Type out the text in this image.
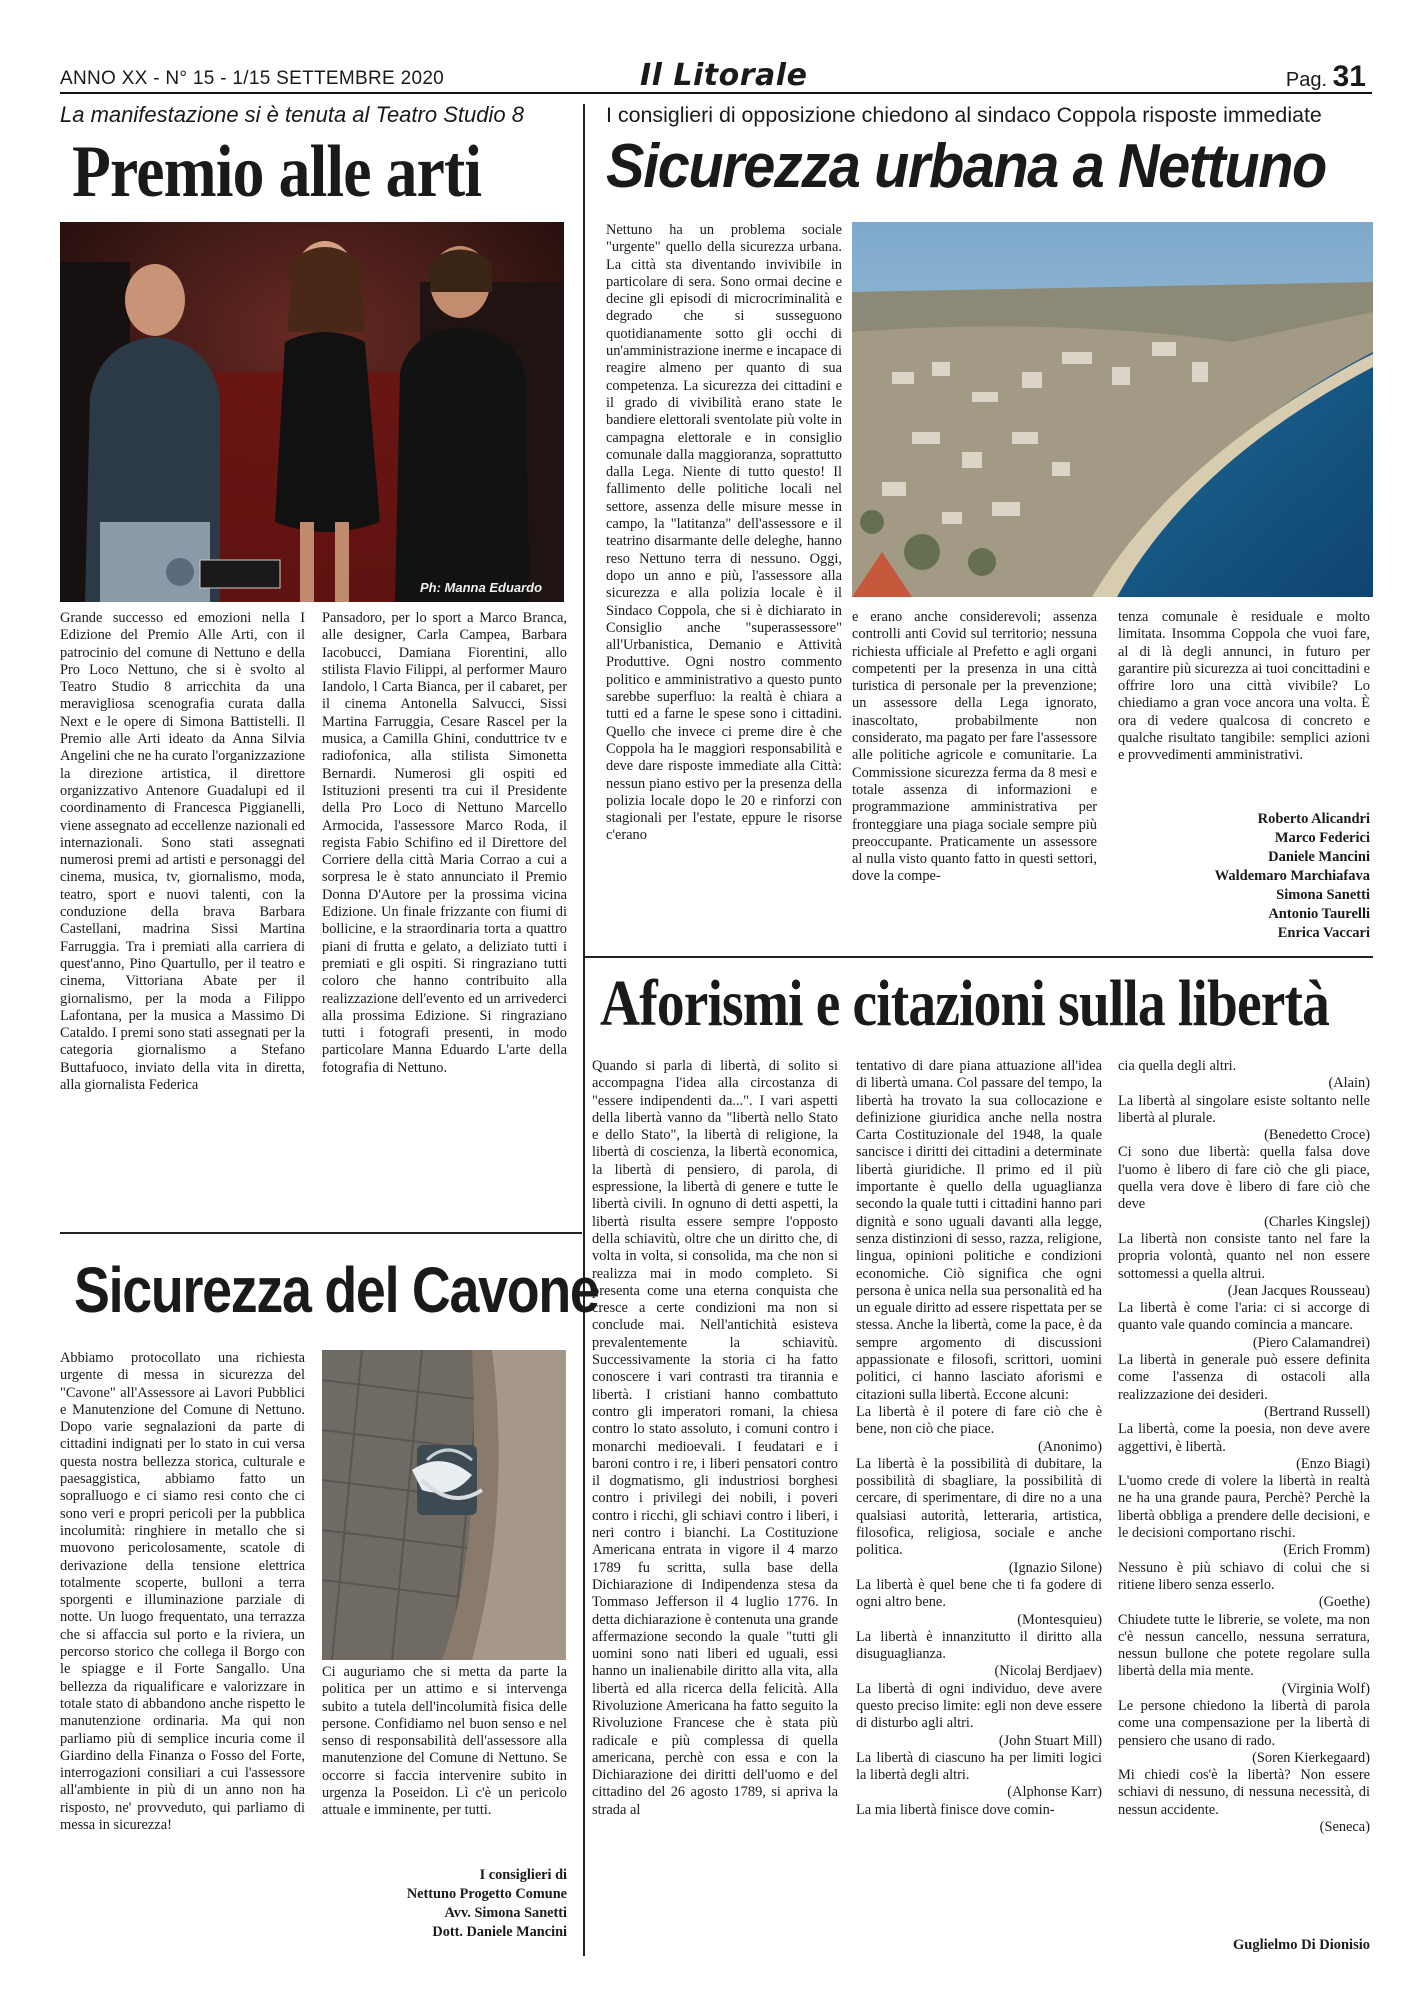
ANNO XX - N° 15 - 1/15 SETTEMBRE 2020	Il Litorale	Pag. 31
La manifestazione si è tenuta al Teatro Studio 8
Premio alle arti
Ph: Manna Eduardo

Grande successo ed emozioni nella I Edizione del Premio Alle Arti, con il patrocinio del comune di Nettuno e della Pro Loco Nettuno, che si è svolto al Teatro Studio 8 arricchita da una meravigliosa scenografia curata dalla Next e le opere di Simona Battistelli. Il Premio alle Arti ideato da Anna Silvia Angelini che ne ha curato l'organizzazione la direzione artistica, il direttore organizzativo Antenore Guadalupi ed il coordinamento di Francesca Piggianelli, viene assegnato ad eccellenze nazionali ed internazionali. Sono stati assegnati numerosi premi ad artisti e personaggi del cinema, musica, tv, giornalismo, moda, teatro, sport e nuovi talenti, con la conduzione della brava Barbara Castellani, madrina Sissi Martina Farruggia. Tra i premiati alla carriera di quest'anno, Pino Quartullo, per il teatro e cinema, Vittoriana Abate per il giornalismo, per la moda a Filippo Lafontana, per la musica a Massimo Di Cataldo. I premi sono stati assegnati per la categoria giornalismo a Stefano Buttafuoco, inviato della vita in diretta, alla giornalista Federica

Pansadoro, per lo sport a Marco Branca, alle designer, Carla Campea, Barbara Iacobucci, Damiana Fiorentini, allo stilista Flavio Filippi, al performer Mauro Iandolo, l Carta Bianca, per il cabaret, per il cinema Antonella Salvucci, Sissi Martina Farruggia, Cesare Rascel per la musica, a Camilla Ghini, conduttrice tv e radiofonica, alla stilista Simonetta Bernardi. Numerosi gli ospiti ed Istituzioni presenti tra cui il Presidente della Pro Loco di Nettuno Marcello Armocida, l'assessore Marco Roda, il regista Fabio Schifino ed il Direttore del Corriere della città Maria Corrao a cui a sorpresa le è stato annunciato il Premio Donna D'Autore per la prossima vicina Edizione. Un finale frizzante con fiumi di bollicine, e la straordinaria torta a quattro piani di frutta e gelato, a deliziato tutti i premiati e gli ospiti. Si ringraziano tutti coloro che hanno contribuito alla realizzazione dell'evento ed un arrivederci alla prossima Edizione. Si ringraziano tutti i fotografi presenti, in modo particolare Manna Eduardo L'arte della fotografia di Nettuno.

I consiglieri di opposizione chiedono al sindaco Coppola risposte immediate
Sicurezza urbana a Nettuno

Nettuno ha un problema sociale "urgente" quello della sicurezza urbana. La città sta diventando invivibile in particolare di sera. Sono ormai decine e decine gli episodi di microcriminalità e degrado che si susseguono quotidianamente sotto gli occhi di un'amministrazione inerme e incapace di reagire almeno per quanto di sua competenza. La sicurezza dei cittadini e il grado di vivibilità erano state le bandiere elettorali sventolate più volte in campagna elettorale e in consiglio comunale dalla maggioranza, soprattutto dalla Lega. Niente di tutto questo! Il fallimento delle politiche locali nel settore, assenza delle misure messe in campo, la "latitanza" dell'assessore e il teatrino disarmante delle deleghe, hanno reso Nettuno terra di nessuno. Oggi, dopo un anno e più, l'assessore alla sicurezza e alla polizia locale è il Sindaco Coppola, che si è dichiarato in Consiglio anche "superassessore" all'Urbanistica, Demanio e Attività Produttive. Ogni nostro commento politico e amministrativo a questo punto sarebbe superfluo: la realtà è chiara a tutti ed a farne le spese sono i cittadini. Quello che invece ci preme dire è che Coppola ha le maggiori responsabilità e deve dare risposte immediate alla Città: nessun piano estivo per la presenza della polizia locale dopo le 20 e rinforzi con stagionali per l'estate, eppure le risorse c'erano

e erano anche considerevoli; assenza controlli anti Covid sul territorio; nessuna richiesta ufficiale al Prefetto e agli organi competenti per la presenza in una città turistica di personale per la prevenzione; un assessore della Lega ignorato, inascoltato, probabilmente non considerato, ma pagato per fare l'assessore alle politiche agricole e comunitarie. La Commissione sicurezza ferma da 8 mesi e totale assenza di informazioni e programmazione amministrativa per fronteggiare una piaga sociale sempre più preoccupante. Praticamente un assessore al nulla visto quanto fatto in questi settori, dove la compe-

tenza comunale è residuale e molto limitata. Insomma Coppola che vuoi fare, al di là degli annunci, in futuro per garantire più sicurezza ai tuoi concittadini e offrire loro una città vivibile? Lo chiediamo a gran voce ancora una volta. È ora di vedere qualcosa di concreto e qualche risultato tangibile: semplici azioni e provvedimenti amministrativi.

Roberto Alicandri
Marco Federici
Daniele Mancini
Waldemaro Marchiafava
Simona Sanetti
Antonio Taurelli
Enrica Vaccari
Aforismi e citazioni sulla libertà

Quando si parla di libertà, di solito si accompagna l'idea alla circostanza di "essere indipendenti da...". I vari aspetti della libertà vanno da "libertà nello Stato e dello Stato", la libertà di religione, la libertà di coscienza, la libertà economica, la libertà di pensiero, di parola, di espressione, la libertà di genere e tutte le libertà civili. In ognuno di detti aspetti, la libertà risulta essere sempre l'opposto della schiavitù, oltre che un diritto che, di volta in volta, si consolida, ma che non si realizza mai in modo completo. Si presenta come una eterna conquista che cresce a certe condizioni ma non si conclude mai. Nell'antichità esisteva prevalentemente la schiavitù. Successivamente la storia ci ha fatto conoscere i vari contrasti tra tirannia e libertà. I cristiani hanno combattuto contro gli imperatori romani, la chiesa contro lo stato assoluto, i comuni contro i monarchi medioevali. I feudatari e i baroni contro i re, i liberi pensatori contro il dogmatismo, gli industriosi borghesi contro i privilegi dei nobili, i poveri contro i ricchi, gli schiavi contro i liberi, i neri contro i bianchi. La Costituzione Americana entrata in vigore il 4 marzo 1789 fu scritta, sulla base della Dichiarazione di Indipendenza stesa da Tommaso Jefferson il 4 luglio 1776. In detta dichiarazione è contenuta una grande affermazione secondo la quale "tutti gli uomini sono nati liberi ed uguali, essi hanno un inalienabile diritto alla vita, alla libertà ed alla ricerca della felicità. Alla Rivoluzione Americana ha fatto seguito la Rivoluzione Francese che è stata più radicale e più complessa di quella americana, perchè con essa e con la Dichiarazione dei diritti dell'uomo e del cittadino del 26 agosto 1789, si apriva la strada al

tentativo di dare piana attuazione all'idea di libertà umana. Col passare del tempo, la libertà ha trovato la sua collocazione e definizione giuridica anche nella nostra Carta Costituzionale del 1948, la quale sancisce i diritti dei cittadini a determinate libertà giuridiche. Il primo ed il più importante è quello della uguaglianza secondo la quale tutti i cittadini hanno pari dignità e sono uguali davanti alla legge, senza distinzioni di sesso, razza, religione, lingua, opinioni politiche e condizioni economiche. Ciò significa che ogni persona è unica nella sua personalità ed ha un eguale diritto ad essere rispettata per se stessa. Anche la libertà, come la pace, è da sempre argomento di discussioni appassionate e filosofi, scrittori, uomini politici, ci hanno lasciato aforismi e citazioni sulla libertà. Eccone alcuni:

La libertà è il potere di fare ciò che è bene, non ciò che piace.

(Anonimo)

La libertà è la possibilità di dubitare, la possibilità di sbagliare, la possibilità di cercare, di sperimentare, di dire no a una qualsiasi autorità, letteraria, artistica, filosofica, religiosa, sociale e anche politica.

(Ignazio Silone)

La libertà è quel bene che ti fa godere di ogni altro bene.

(Montesquieu)

La libertà è innanzitutto il diritto alla disuguaglianza.

(Nicolaj Berdjaev)

La libertà di ogni individuo, deve avere questo preciso limite: egli non deve essere di disturbo agli altri.

(John Stuart Mill)

La libertà di ciascuno ha per limiti logici la libertà degli altri.

(Alphonse Karr)

La mia libertà finisce dove comin-

cia quella degli altri.

(Alain)

La libertà al singolare esiste soltanto nelle libertà al plurale.

(Benedetto Croce)

Ci sono due libertà: quella falsa dove l'uomo è libero di fare ciò che gli piace, quella vera dove è libero di fare ciò che deve

(Charles Kingslej)

La libertà non consiste tanto nel fare la propria volontà, quanto nel non essere sottomessi a quella altrui.

(Jean Jacques Rousseau)

La libertà è come l'aria: ci si accorge di quanto vale quando comincia a mancare.

(Piero Calamandrei)

La libertà in generale può essere definita come l'assenza di ostacoli alla realizzazione dei desideri.

(Bertrand Russell)

La libertà, come la poesia, non deve avere aggettivi, è libertà.

(Enzo Biagi)

L'uomo crede di volere la libertà in realtà ne ha una grande paura, Perchè? Perchè la libertà obbliga a prendere delle decisioni, e le decisioni comportano rischi.

(Erich Fromm)

Nessuno è più schiavo di colui che si ritiene libero senza esserlo.

(Goethe)

Chiudete tutte le librerie, se volete, ma non c'è nessun cancello, nessuna serratura, nessun bullone che potete regolare sulla libertà della mia mente.

(Virginia Wolf)

Le persone chiedono la libertà di parola come una compensazione per la libertà di pensiero che usano di rado.

(Soren Kierkegaard)

Mi chiedi cos'è la libertà? Non essere schiavi di nessuno, di nessuna necessità, di nessun accidente.

(Seneca)

Guglielmo Di Dionisio
Sicurezza del Cavone

Abbiamo protocollato una richiesta urgente di messa in sicurezza del "Cavone" all'Assessore ai Lavori Pubblici e Manutenzione del Comune di Nettuno. Dopo varie segnalazioni da parte di cittadini indignati per lo stato in cui versa questa nostra bellezza storica, culturale e paesaggistica, abbiamo fatto un sopralluogo e ci siamo resi conto che ci sono veri e propri pericoli per la pubblica incolumità: ringhiere in metallo che si muovono pericolosamente, scatole di derivazione della tensione elettrica totalmente scoperte, bulloni a terra sporgenti e illuminazione parziale di notte. Un luogo frequentato, una terrazza che si affaccia sul porto e la riviera, un percorso storico che collega il Borgo con le spiagge e il Forte Sangallo. Una bellezza da riqualificare e valorizzare in totale stato di abbandono anche rispetto le manutenzione ordinaria. Ma qui non parliamo più di semplice incuria come il Giardino della Finanza o Fosso del Forte, interrogazioni consiliari a cui l'assessore all'ambiente in più di un anno non ha risposto, ne' provveduto, qui parliamo di messa in sicurezza!

Ci auguriamo che si metta da parte la politica per un attimo e si intervenga subito a tutela dell'incolumità fisica delle persone. Confidiamo nel buon senso e nel senso di responsabilità dell'assessore alla manutenzione del Comune di Nettuno. Se occorre si faccia intervenire subito in urgenza la Poseidon. Lì c'è un pericolo attuale e imminente, per tutti.

I consiglieri di
Nettuno Progetto Comune
Avv. Simona Sanetti
Dott. Daniele Mancini
